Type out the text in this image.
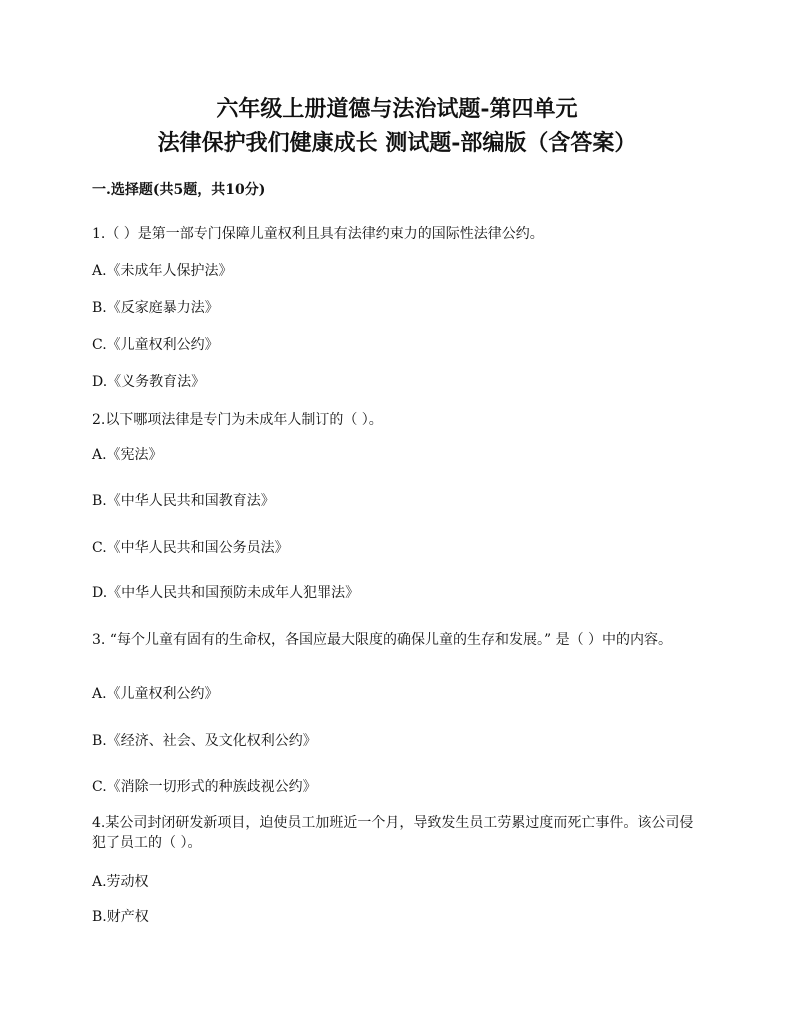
六年级上册道德与法治试题-第四单元
法律保护我们健康成长 测试题-部编版（含答案）
一.选择题(共5题，共10分)
1.（ ）是第一部专门保障儿童权利且具有法律约束力的国际性法律公约。
A.《未成年人保护法》
B.《反家庭暴力法》
C.《儿童权利公约》
D.《义务教育法》
2.以下哪项法律是专门为未成年人制订的（ ）。
A.《宪法》
B.《中华人民共和国教育法》
C.《中华人民共和国公务员法》
D.《中华人民共和国预防未成年人犯罪法》
3. “每个儿童有固有的生命权，各国应最大限度的确保儿童的生存和发展。” 是（ ）中的内容。
A.《儿童权利公约》
B.《经济、社会、及文化权利公约》
C.《消除一切形式的种族歧视公约》
4.某公司封闭研发新项目，迫使员工加班近一个月，导致发生员工劳累过度而死亡事件。该公司侵犯了员工的（ ）。
A.劳动权
B.财产权
